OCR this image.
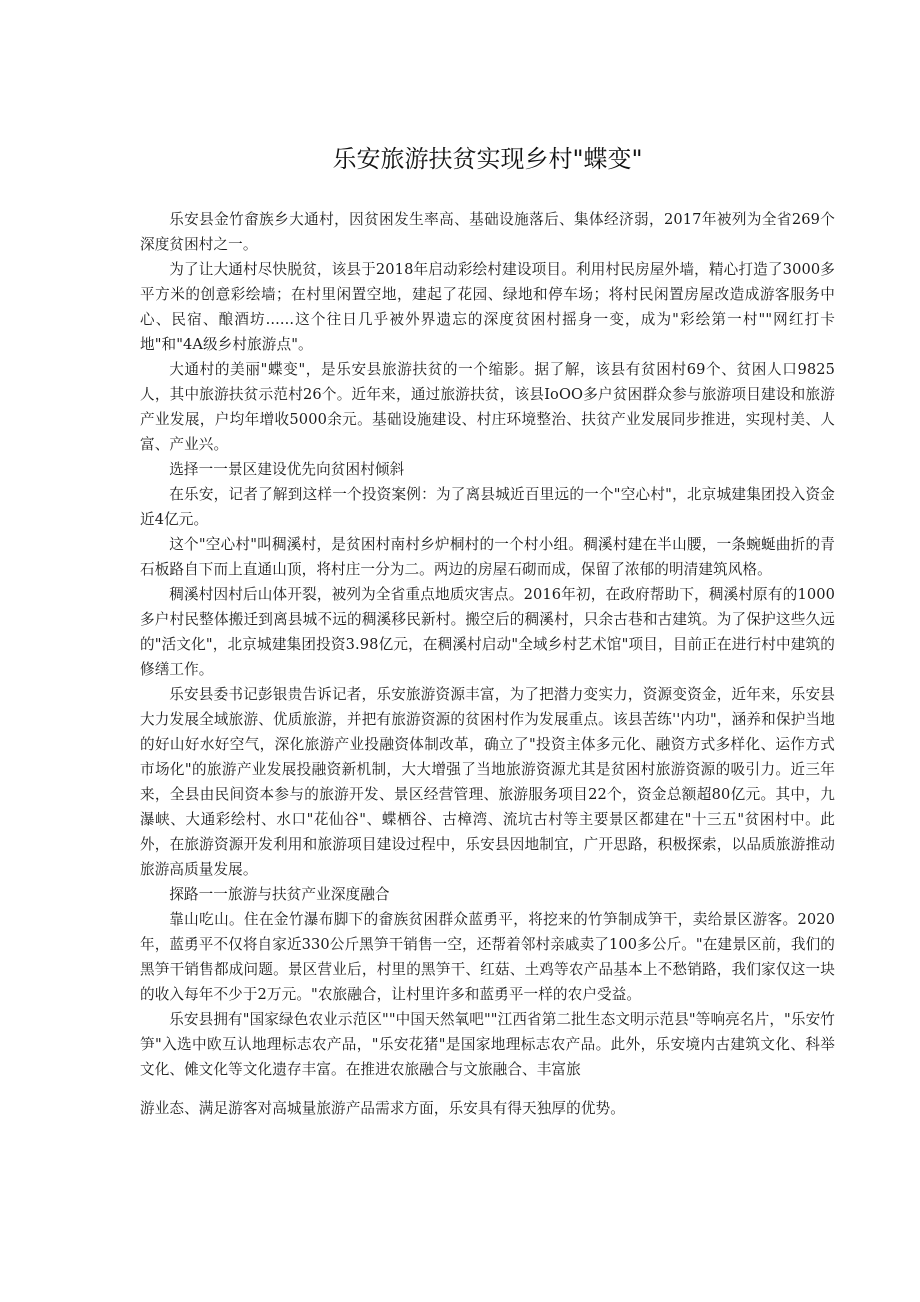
乐安旅游扶贫实现乡村"蝶变"

乐安县金竹畲族乡大通村，因贫困发生率高、基础设施落后、集体经济弱，2017年被列为全省269个深度贫困村之一。

为了让大通村尽快脱贫，该县于2018年启动彩绘村建设项目。利用村民房屋外墙，精心打造了3000多平方米的创意彩绘墙；在村里闲置空地，建起了花园、绿地和停车场；将村民闲置房屋改造成游客服务中心、民宿、酿酒坊......这个往日几乎被外界遗忘的深度贫困村摇身一变，成为"彩绘第一村""网红打卡地"和"4A级乡村旅游点"。

大通村的美丽"蝶变"，是乐安县旅游扶贫的一个缩影。据了解，该县有贫困村69个、贫困人口9825人，其中旅游扶贫示范村26个。近年来，通过旅游扶贫，该县IoOO多户贫困群众参与旅游项目建设和旅游产业发展，户均年增收5000余元。基础设施建设、村庄环境整治、扶贫产业发展同步推进，实现村美、人富、产业兴。

选择一一景区建设优先向贫困村倾斜

在乐安，记者了解到这样一个投资案例：为了离县城近百里远的一个"空心村"，北京城建集团投入资金近4亿元。

这个"空心村"叫稠溪村，是贫困村南村乡炉桐村的一个村小组。稠溪村建在半山腰，一条蜿蜒曲折的青石板路自下而上直通山顶，将村庄一分为二。两边的房屋石砌而成，保留了浓郁的明清建筑风格。

稠溪村因村后山体开裂，被列为全省重点地质灾害点。2016年初，在政府帮助下，稠溪村原有的1000多户村民整体搬迁到离县城不远的稠溪移民新村。搬空后的稠溪村，只余古巷和古建筑。为了保护这些久远的"活文化"，北京城建集团投资3.98亿元，在稠溪村启动"全域乡村艺术馆"项目，目前正在进行村中建筑的修缮工作。

乐安县委书记彭银贵告诉记者，乐安旅游资源丰富，为了把潜力变实力，资源变资金，近年来，乐安县大力发展全域旅游、优质旅游，并把有旅游资源的贫困村作为发展重点。该县苦练''内功"，涵养和保护当地的好山好水好空气，深化旅游产业投融资体制改革，确立了"投资主体多元化、融资方式多样化、运作方式市场化"的旅游产业发展投融资新机制，大大增强了当地旅游资源尤其是贫困村旅游资源的吸引力。近三年来，全县由民间资本参与的旅游开发、景区经营管理、旅游服务项目22个，资金总额超80亿元。其中，九瀑峡、大通彩绘村、水口"花仙谷"、蝶栖谷、古樟湾、流坑古村等主要景区都建在"十三五"贫困村中。此外，在旅游资源开发利用和旅游项目建设过程中，乐安县因地制宜，广开思路，积极探索，以品质旅游推动旅游高质量发展。

探路一一旅游与扶贫产业深度融合

靠山吃山。住在金竹瀑布脚下的畲族贫困群众蓝勇平，将挖来的竹笋制成笋干，卖给景区游客。2020年，蓝勇平不仅将自家近330公斤黑笋干销售一空，还帮着邻村亲戚卖了100多公斤。"在建景区前，我们的黑笋干销售都成问题。景区营业后，村里的黑笋干、红菇、土鸡等农产品基本上不愁销路，我们家仅这一块的收入每年不少于2万元。"农旅融合，让村里许多和蓝勇平一样的农户受益。

乐安县拥有"国家绿色农业示范区""中国天然氧吧""江西省第二批生态文明示范县"等响亮名片，"乐安竹笋"入选中欧互认地理标志农产品，"乐安花猪"是国家地理标志农产品。此外，乐安境内古建筑文化、科举文化、傩文化等文化遗存丰富。在推进农旅融合与文旅融合、丰富旅

游业态、满足游客对高城量旅游产品需求方面，乐安具有得天独厚的优势。
